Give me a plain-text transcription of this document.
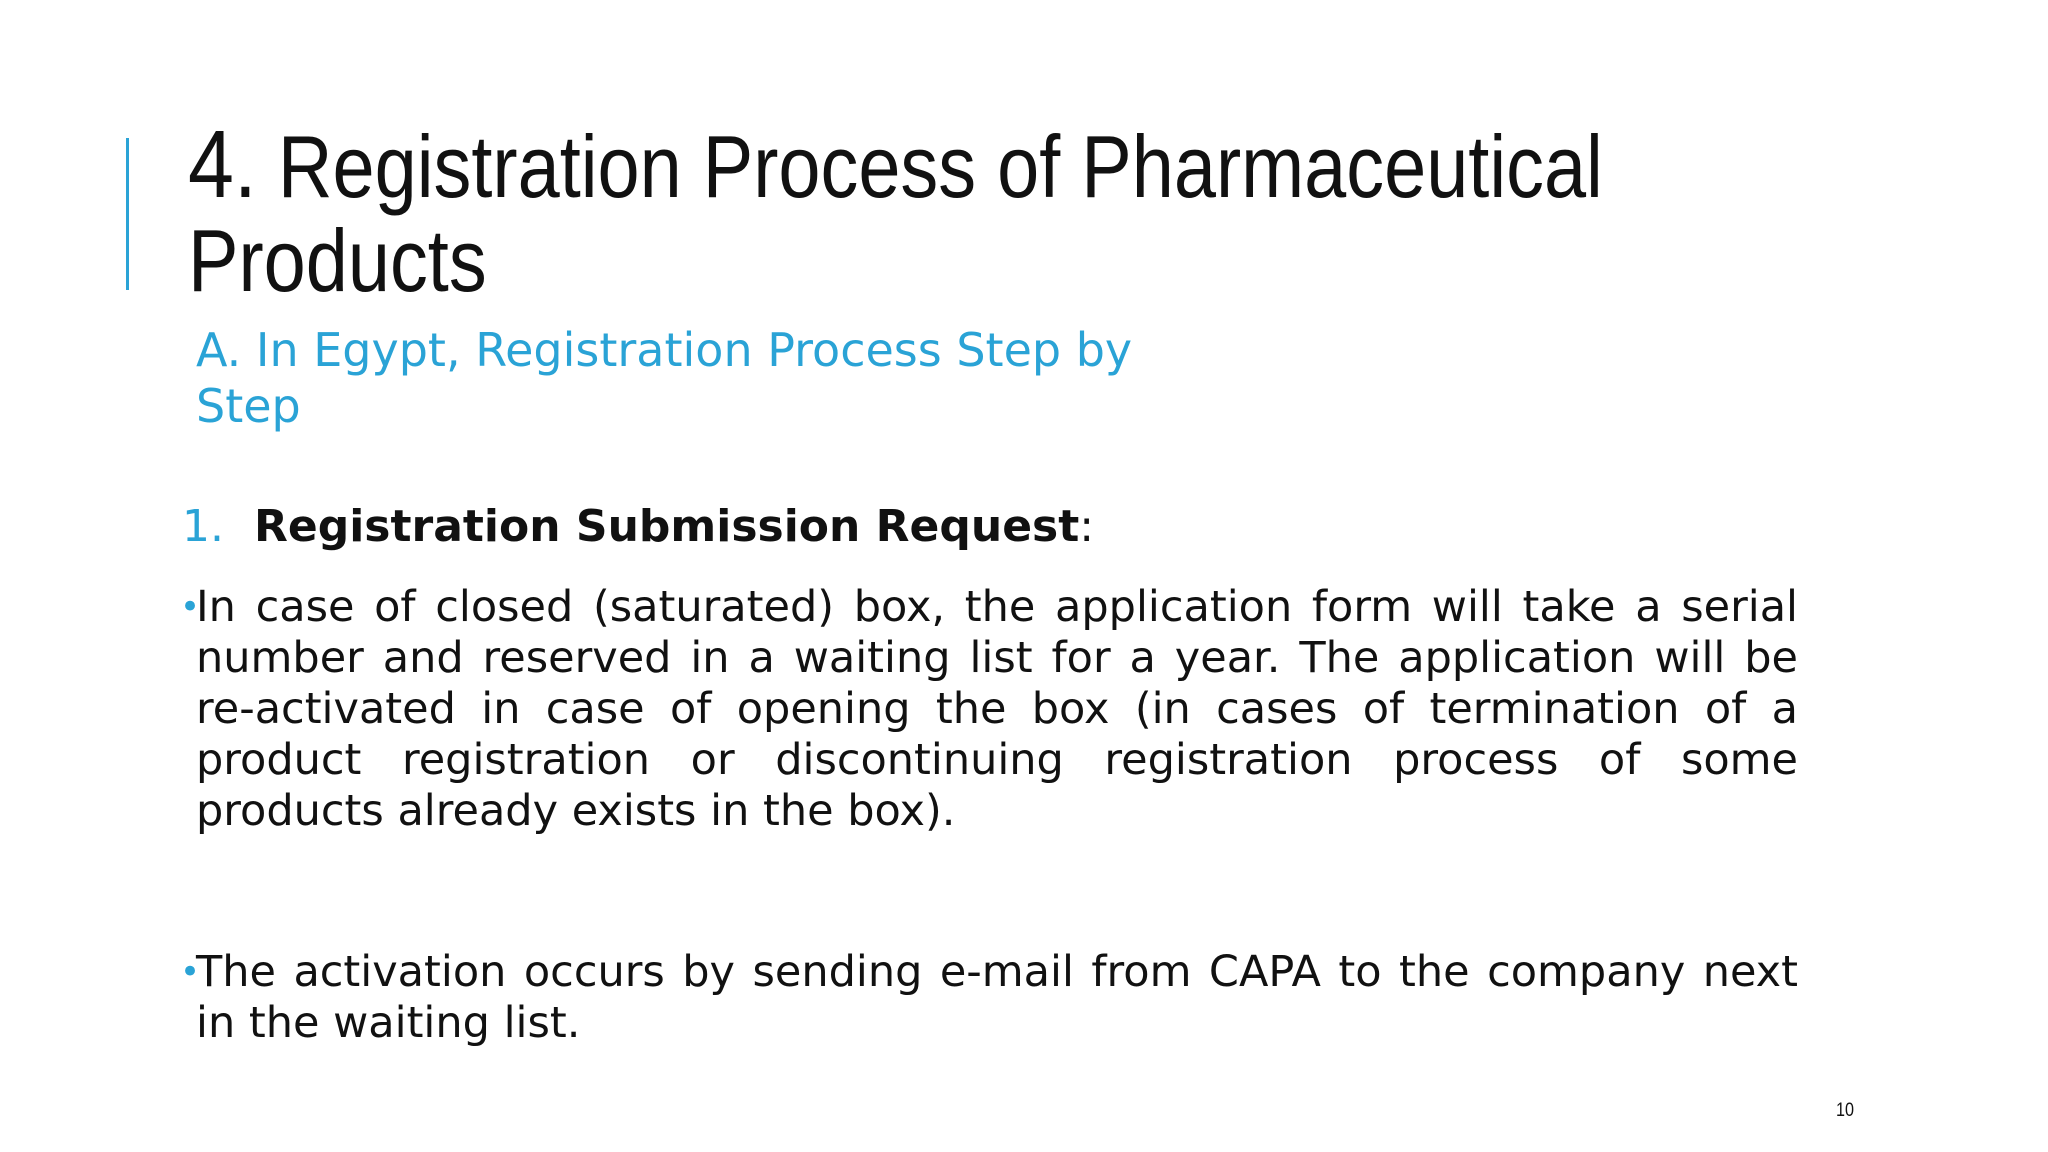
4. Registration Process of Pharmaceutical Products
A. In Egypt, Registration Process Step by Step
1. Registration Submission Request:
•
In case of closed (saturated) box, the application form will take a serial number and reserved in a waiting list for a year. The application will be re-activated in case of opening the box (in cases of termination of a product registration or discontinuing registration process of some products already exists in the box).
•
The activation occurs by sending e-mail from CAPA to the company next in the waiting list.
10
